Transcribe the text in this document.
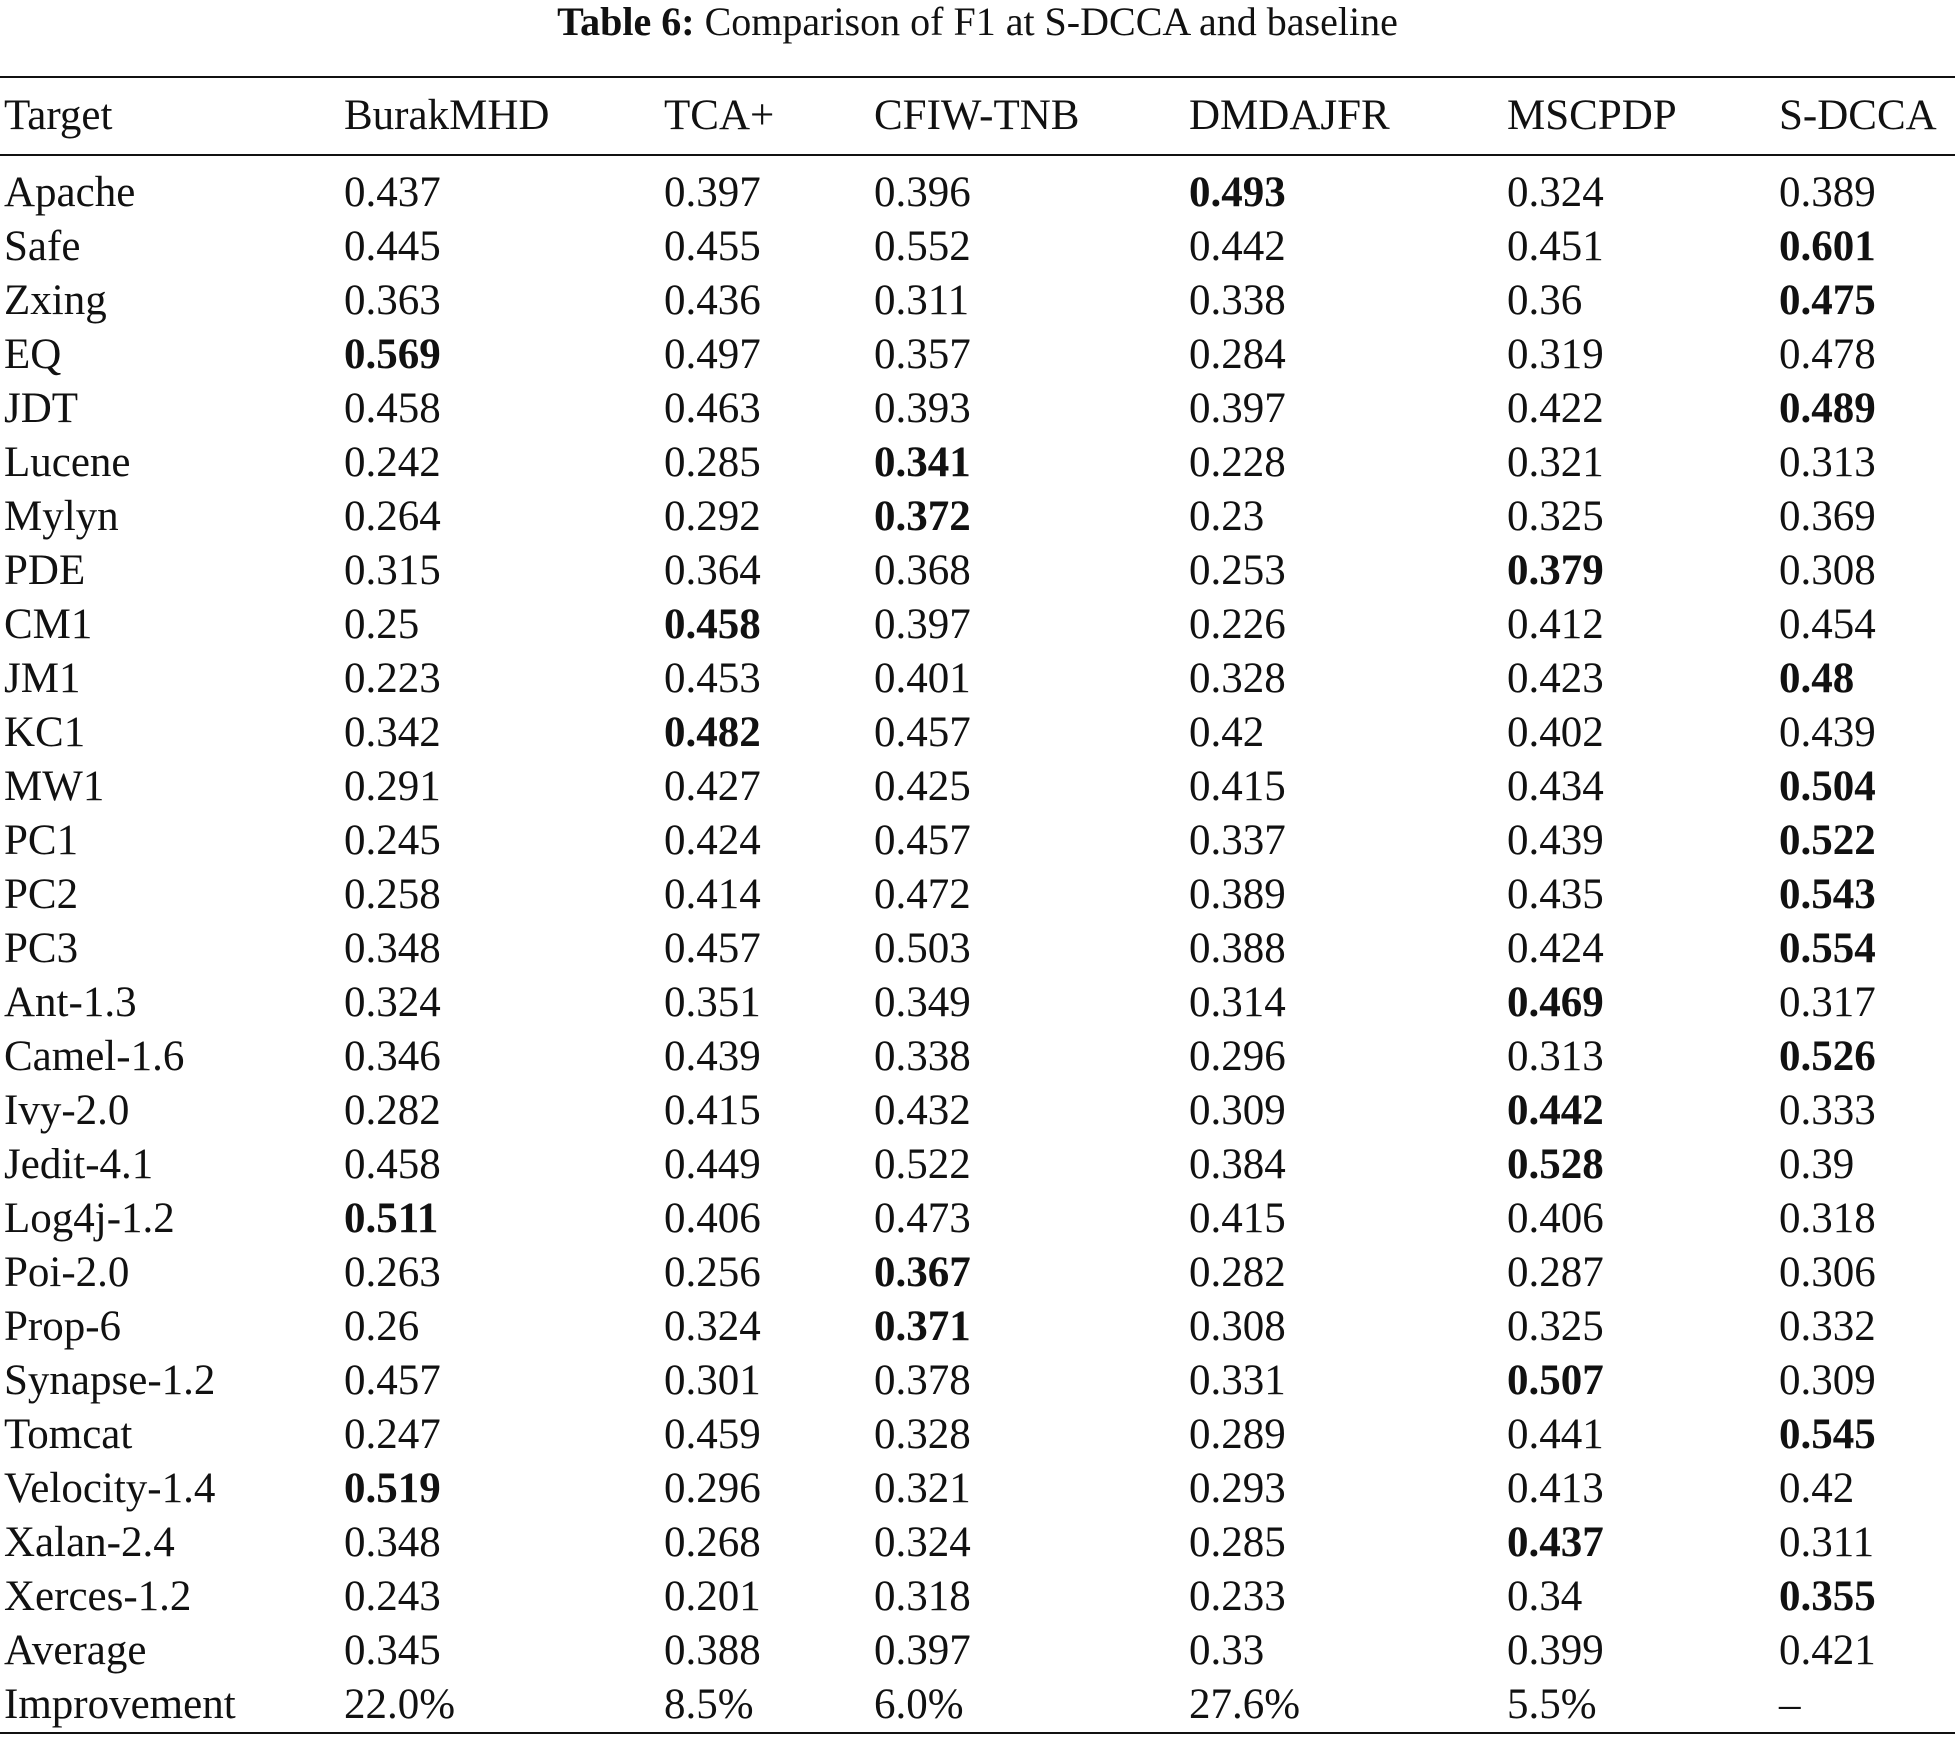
Table 6: Comparison of F1 at S-DCCA and baseline
Target	BurakMHD	TCA+	CFIW-TNB	DMDAJFR	MSCPDP	S-DCCA
Apache	0.437	0.397	0.396	0.493	0.324	0.389
Safe	0.445	0.455	0.552	0.442	0.451	0.601
Zxing	0.363	0.436	0.311	0.338	0.36	0.475
EQ	0.569	0.497	0.357	0.284	0.319	0.478
JDT	0.458	0.463	0.393	0.397	0.422	0.489
Lucene	0.242	0.285	0.341	0.228	0.321	0.313
Mylyn	0.264	0.292	0.372	0.23	0.325	0.369
PDE	0.315	0.364	0.368	0.253	0.379	0.308
CM1	0.25	0.458	0.397	0.226	0.412	0.454
JM1	0.223	0.453	0.401	0.328	0.423	0.48
KC1	0.342	0.482	0.457	0.42	0.402	0.439
MW1	0.291	0.427	0.425	0.415	0.434	0.504
PC1	0.245	0.424	0.457	0.337	0.439	0.522
PC2	0.258	0.414	0.472	0.389	0.435	0.543
PC3	0.348	0.457	0.503	0.388	0.424	0.554
Ant-1.3	0.324	0.351	0.349	0.314	0.469	0.317
Camel-1.6	0.346	0.439	0.338	0.296	0.313	0.526
Ivy-2.0	0.282	0.415	0.432	0.309	0.442	0.333
Jedit-4.1	0.458	0.449	0.522	0.384	0.528	0.39
Log4j-1.2	0.511	0.406	0.473	0.415	0.406	0.318
Poi-2.0	0.263	0.256	0.367	0.282	0.287	0.306
Prop-6	0.26	0.324	0.371	0.308	0.325	0.332
Synapse-1.2	0.457	0.301	0.378	0.331	0.507	0.309
Tomcat	0.247	0.459	0.328	0.289	0.441	0.545
Velocity-1.4	0.519	0.296	0.321	0.293	0.413	0.42
Xalan-2.4	0.348	0.268	0.324	0.285	0.437	0.311
Xerces-1.2	0.243	0.201	0.318	0.233	0.34	0.355
Average	0.345	0.388	0.397	0.33	0.399	0.421
Improvement	22.0%	8.5%	6.0%	27.6%	5.5%	–
